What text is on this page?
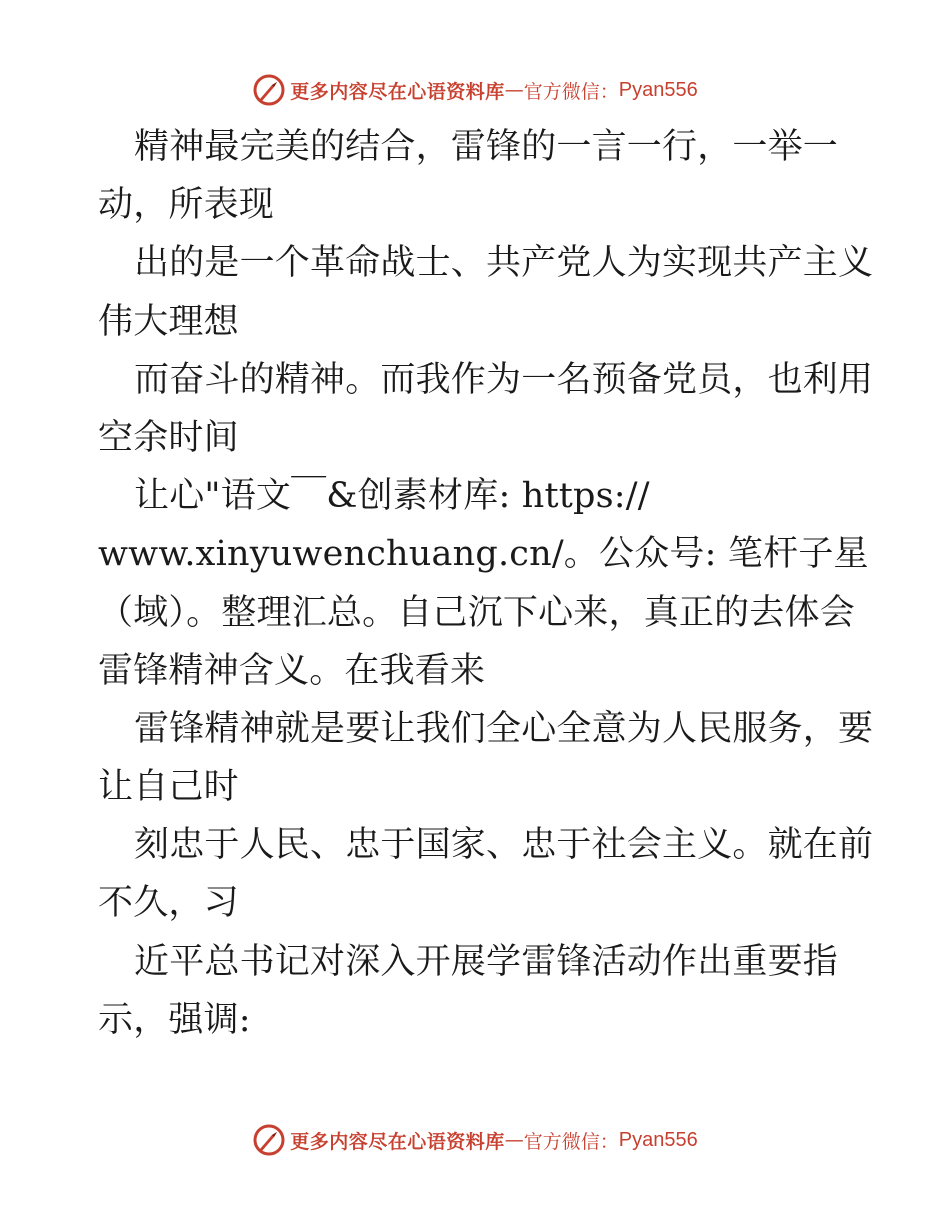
更多内容尽在心语资料库 — 官方微信： Pyan556
精神最完美的结合，雷锋的一言一行，一举一
动，所表现
出的是一个革命战士、共产党人为实现共产主义
伟大理想
而奋斗的精神。而我作为一名预备党员，也利用
空余时间
让心"语文￣&创素材库: https://
www.xinyuwenchuang.cn/。公众号: 笔杆子星
（域）。整理汇总。自己沉下心来，真正的去体会
雷锋精神含义。在我看来
雷锋精神就是要让我们全心全意为人民服务，要
让自己时
刻忠于人民、忠于国家、忠于社会主义。就在前
不久，习
近平总书记对深入开展学雷锋活动作出重要指
示，强调:
更多内容尽在心语资料库 — 官方微信： Pyan556
